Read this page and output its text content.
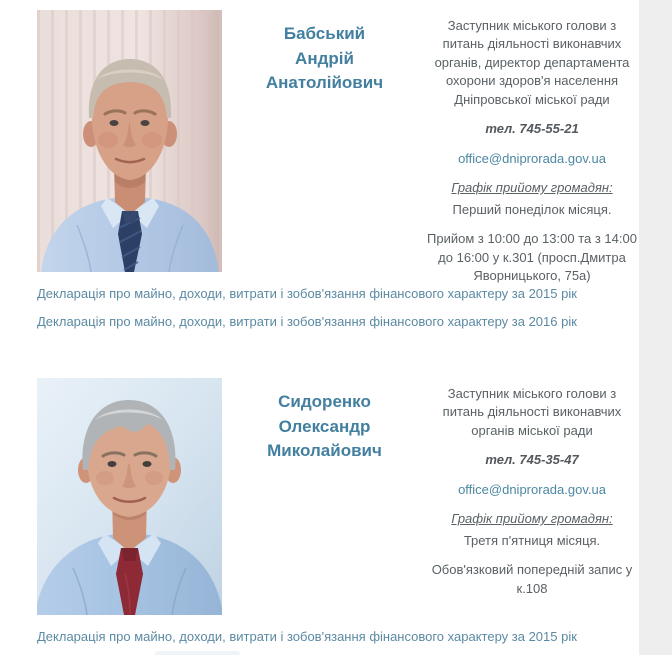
Бабський
Андрій
Анатолійович

Заступник міського голови з питань діяльності виконавчих органів, директор департамента охорони здоров'я населення Дніпровської міської ради

тел. 745-55-21

office@dniprorada.gov.ua

Графік прийому громадян:

Перший понеділок місяця.

Прийом з 10:00 до 13:00 та з 14:00 до 16:00 у к.301 (просп.Дмитра Яворницького, 75а)

Декларація про майно, доходи, витрати і зобов'язання фінансового характеру за 2015 рік
Декларація про майно, доходи, витрати і зобов'язання фінансового характеру за 2016 рік
Сидоренко
Олександр
Миколайович

Заступник міського голови з питань діяльності виконавчих органів міської ради

тел. 745-35-47

office@dniprorada.gov.ua

Графік прийому громадян:

Третя п'ятниця місяця.

Обов'язковий попередній запис у к.108

Декларація про майно, доходи, витрати і зобов'язання фінансового характеру за 2015 рік
